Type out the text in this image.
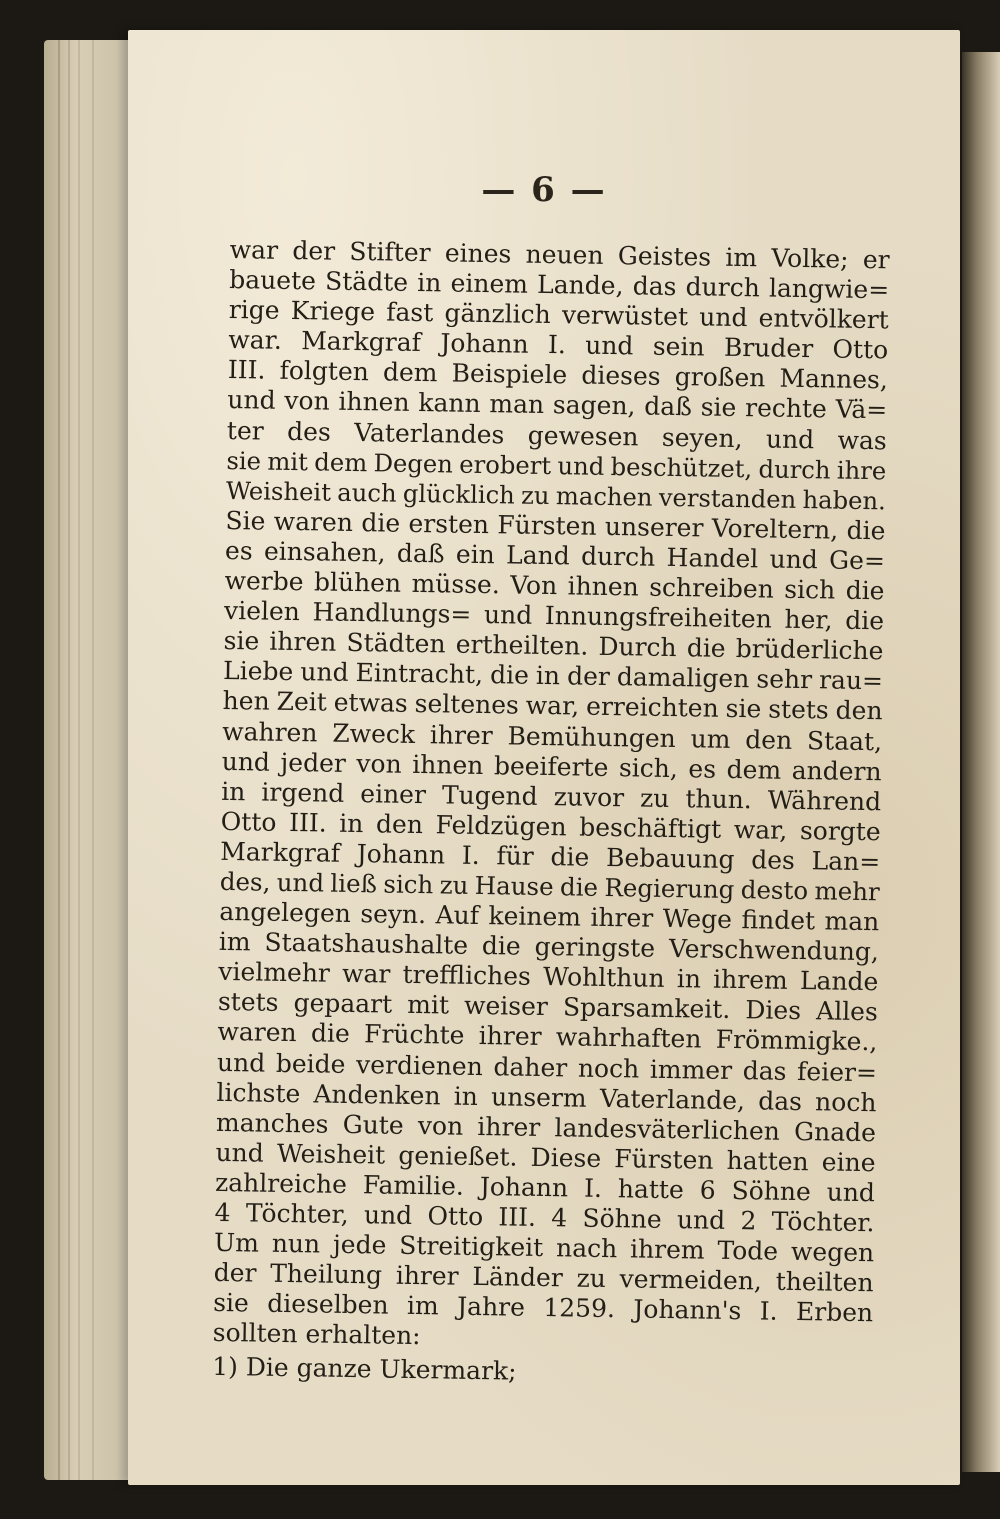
— 6 —
war der Stifter eines neuen Geistes im Volke; er
bauete Städte in einem Lande, das durch langwie=
rige Kriege fast gänzlich verwüstet und entvölkert
war. Markgraf Johann I. und sein Bruder Otto
III. folgten dem Beispiele dieses großen Mannes,
und von ihnen kann man sagen, daß sie rechte Vä=
ter des Vaterlandes gewesen seyen, und was
sie mit dem Degen erobert und beschützet, durch ihre
Weisheit auch glücklich zu machen verstanden haben.
Sie waren die ersten Fürsten unserer Voreltern, die
es einsahen, daß ein Land durch Handel und Ge=
werbe blühen müsse. Von ihnen schreiben sich die
vielen Handlungs= und Innungsfreiheiten her, die
sie ihren Städten ertheilten. Durch die brüderliche
Liebe und Eintracht, die in der damaligen sehr rau=
hen Zeit etwas seltenes war, erreichten sie stets den
wahren Zweck ihrer Bemühungen um den Staat,
und jeder von ihnen beeiferte sich, es dem andern
in irgend einer Tugend zuvor zu thun. Während
Otto III. in den Feldzügen beschäftigt war, sorgte
Markgraf Johann I. für die Bebauung des Lan=
des, und ließ sich zu Hause die Regierung desto mehr
angelegen seyn. Auf keinem ihrer Wege findet man
im Staatshaushalte die geringste Verschwendung,
vielmehr war treffliches Wohlthun in ihrem Lande
stets gepaart mit weiser Sparsamkeit. Dies Alles
waren die Früchte ihrer wahrhaften Frömmigke.,
und beide verdienen daher noch immer das feier=
lichste Andenken in unserm Vaterlande, das noch
manches Gute von ihrer landesväterlichen Gnade
und Weisheit genießet. Diese Fürsten hatten eine
zahlreiche Familie. Johann I. hatte 6 Söhne und
4 Töchter, und Otto III. 4 Söhne und 2 Töchter.
Um nun jede Streitigkeit nach ihrem Tode wegen
der Theilung ihrer Länder zu vermeiden, theilten
sie dieselben im Jahre 1259. Johann's I. Erben
sollten erhalten:
1) Die ganze Ukermark;
